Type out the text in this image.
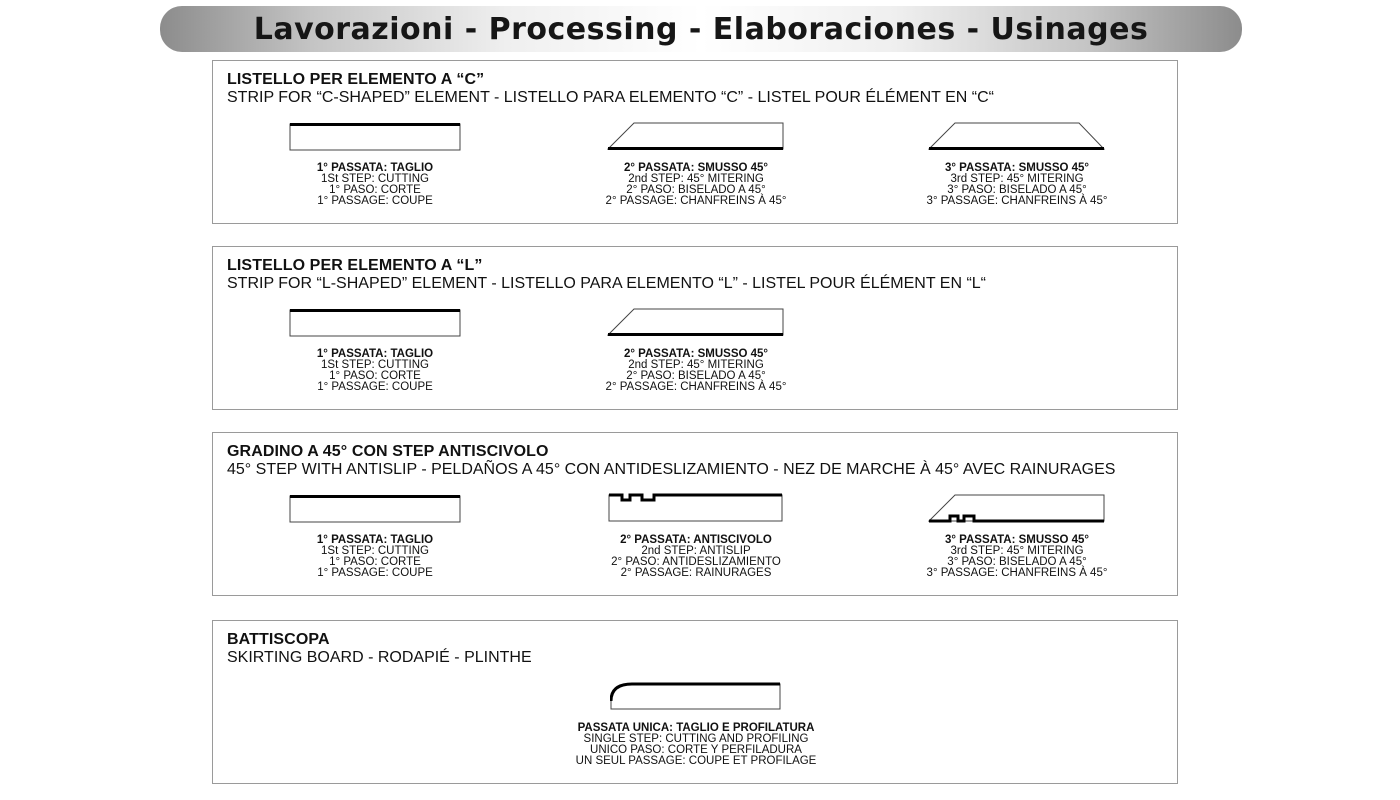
Lavorazioni - Processing - Elaboraciones - Usinages
LISTELLO PER ELEMENTO A “C”
STRIP FOR “C-SHAPED” ELEMENT - LISTELLO PARA ELEMENTO “C” - LISTEL POUR ÉLÉMENT EN “C“
1° PASSATA: TAGLIO
1St STEP: CUTTING
1° PASO: CORTE
1° PASSAGE: COUPE
2° PASSATA: SMUSSO 45°
2nd STEP: 45° MITERING
2° PASO: BISELADO A 45°
2° PASSAGE: CHANFREINS À 45°
3° PASSATA: SMUSSO 45°
3rd STEP: 45° MITERING
3° PASO: BISELADO A 45°
3° PASSAGE: CHANFREINS À 45°
LISTELLO PER ELEMENTO A “L”
STRIP FOR “L-SHAPED” ELEMENT - LISTELLO PARA ELEMENTO “L” - LISTEL POUR ÉLÉMENT EN “L“
1° PASSATA: TAGLIO
1St STEP: CUTTING
1° PASO: CORTE
1° PASSAGE: COUPE
2° PASSATA: SMUSSO 45°
2nd STEP: 45° MITERING
2° PASO: BISELADO A 45°
2° PASSAGE: CHANFREINS À 45°
GRADINO A 45° CON STEP ANTISCIVOLO
45° STEP WITH ANTISLIP - PELDAÑOS A 45° CON ANTIDESLIZAMIENTO - NEZ DE MARCHE À 45° AVEC RAINURAGES
1° PASSATA: TAGLIO
1St STEP: CUTTING
1° PASO: CORTE
1° PASSAGE: COUPE
2° PASSATA: ANTISCIVOLO
2nd STEP: ANTISLIP
2° PASO: ANTIDESLIZAMIENTO
2° PASSAGE: RAINURAGES
3° PASSATA: SMUSSO 45°
3rd STEP: 45° MITERING
3° PASO: BISELADO A 45°
3° PASSAGE: CHANFREINS À 45°
BATTISCOPA
SKIRTING BOARD - RODAPIÉ - PLINTHE
PASSATA UNICA: TAGLIO E PROFILATURA
SINGLE STEP: CUTTING AND PROFILING
UNICO PASO: CORTE Y PERFILADURA
UN SEUL PASSAGE: COUPE ET PROFILAGE
